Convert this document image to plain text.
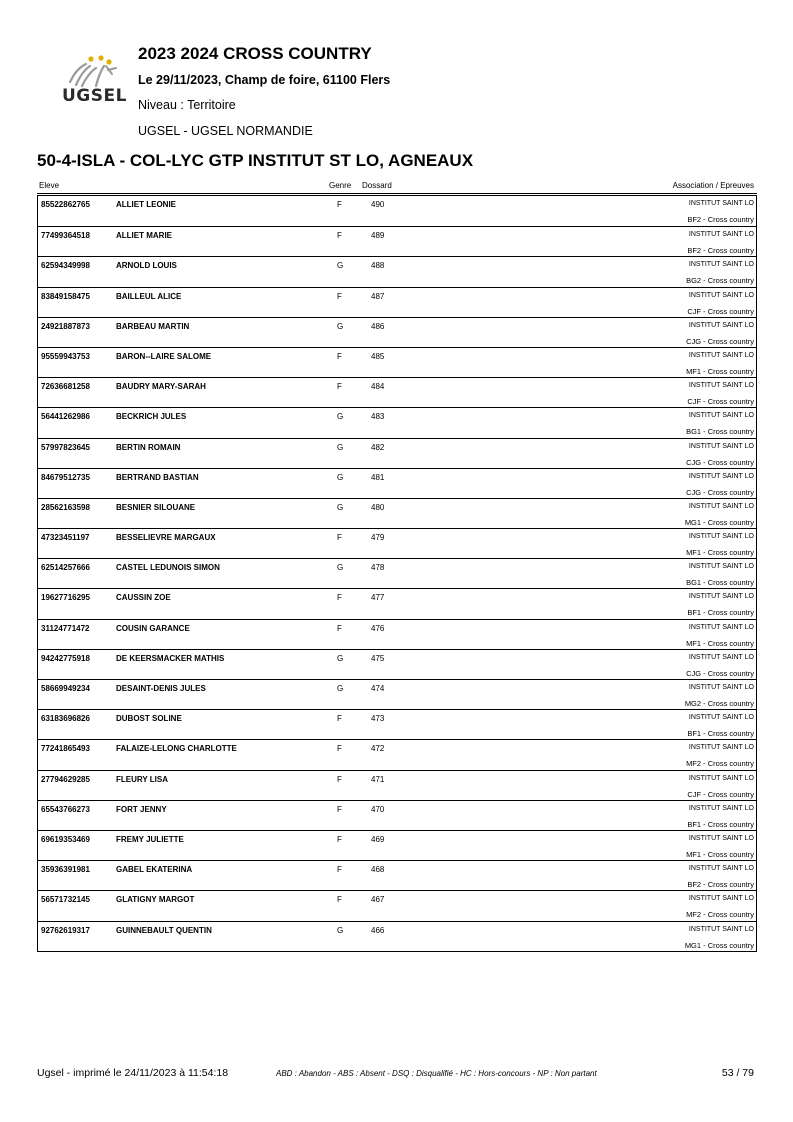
UGSEL
2023 2024 CROSS COUNTRY
Le 29/11/2023, Champ de foire, 61100 Flers
Niveau : Territoire
UGSEL - UGSEL NORMANDIE
50-4-ISLA - COL-LYC GTP INSTITUT ST LO, AGNEAUX
Eleve	Genre Dossard	Association / Epreuves
85522862765	ALLIET LEONIE	F	490	INSTITUT SAINT LO
BF2 - Cross country
77499364518	ALLIET MARIE	F	489	INSTITUT SAINT LO
BF2 - Cross country
62594349998	ARNOLD LOUIS	G	488	INSTITUT SAINT LO
BG2 - Cross country
83849158475	BAILLEUL ALICE	F	487	INSTITUT SAINT LO
CJF - Cross country
24921887873	BARBEAU MARTIN	G	486	INSTITUT SAINT LO
CJG - Cross country
95559943753	BARON--LAIRE SALOME	F	485	INSTITUT SAINT LO
MF1 - Cross country
72636681258	BAUDRY MARY-SARAH	F	484	INSTITUT SAINT LO
CJF - Cross country
56441262986	BECKRICH JULES	G	483	INSTITUT SAINT LO
BG1 - Cross country
57997823645	BERTIN ROMAIN	G	482	INSTITUT SAINT LO
CJG - Cross country
84679512735	BERTRAND BASTIAN	G	481	INSTITUT SAINT LO
CJG - Cross country
28562163598	BESNIER SILOUANE	G	480	INSTITUT SAINT LO
MG1 - Cross country
47323451197	BESSELIEVRE MARGAUX	F	479	INSTITUT SAINT LO
MF1 - Cross country
62514257666	CASTEL LEDUNOIS SIMON	G	478	INSTITUT SAINT LO
BG1 - Cross country
19627716295	CAUSSIN ZOE	F	477	INSTITUT SAINT LO
BF1 - Cross country
31124771472	COUSIN GARANCE	F	476	INSTITUT SAINT LO
MF1 - Cross country
94242775918	DE KEERSMACKER MATHIS	G	475	INSTITUT SAINT LO
CJG - Cross country
58669949234	DESAINT-DENIS JULES	G	474	INSTITUT SAINT LO
MG2 - Cross country
63183696826	DUBOST SOLINE	F	473	INSTITUT SAINT LO
BF1 - Cross country
77241865493	FALAIZE-LELONG CHARLOTTE	F	472	INSTITUT SAINT LO
MF2 - Cross country
27794629285	FLEURY LISA	F	471	INSTITUT SAINT LO
CJF - Cross country
65543766273	FORT JENNY	F	470	INSTITUT SAINT LO
BF1 - Cross country
69619353469	FREMY JULIETTE	F	469	INSTITUT SAINT LO
MF1 - Cross country
35936391981	GABEL EKATERINA	F	468	INSTITUT SAINT LO
BF2 - Cross country
56571732145	GLATIGNY MARGOT	F	467	INSTITUT SAINT LO
MF2 - Cross country
92762619317	GUINNEBAULT QUENTIN	G	466	INSTITUT SAINT LO
MG1 - Cross country
Ugsel - imprimé le 24/11/2023 à 11:54:18	ABD : Abandon - ABS : Absent - DSQ : Disqualifié - HC : Hors-concours - NP : Non partant	53 / 79
